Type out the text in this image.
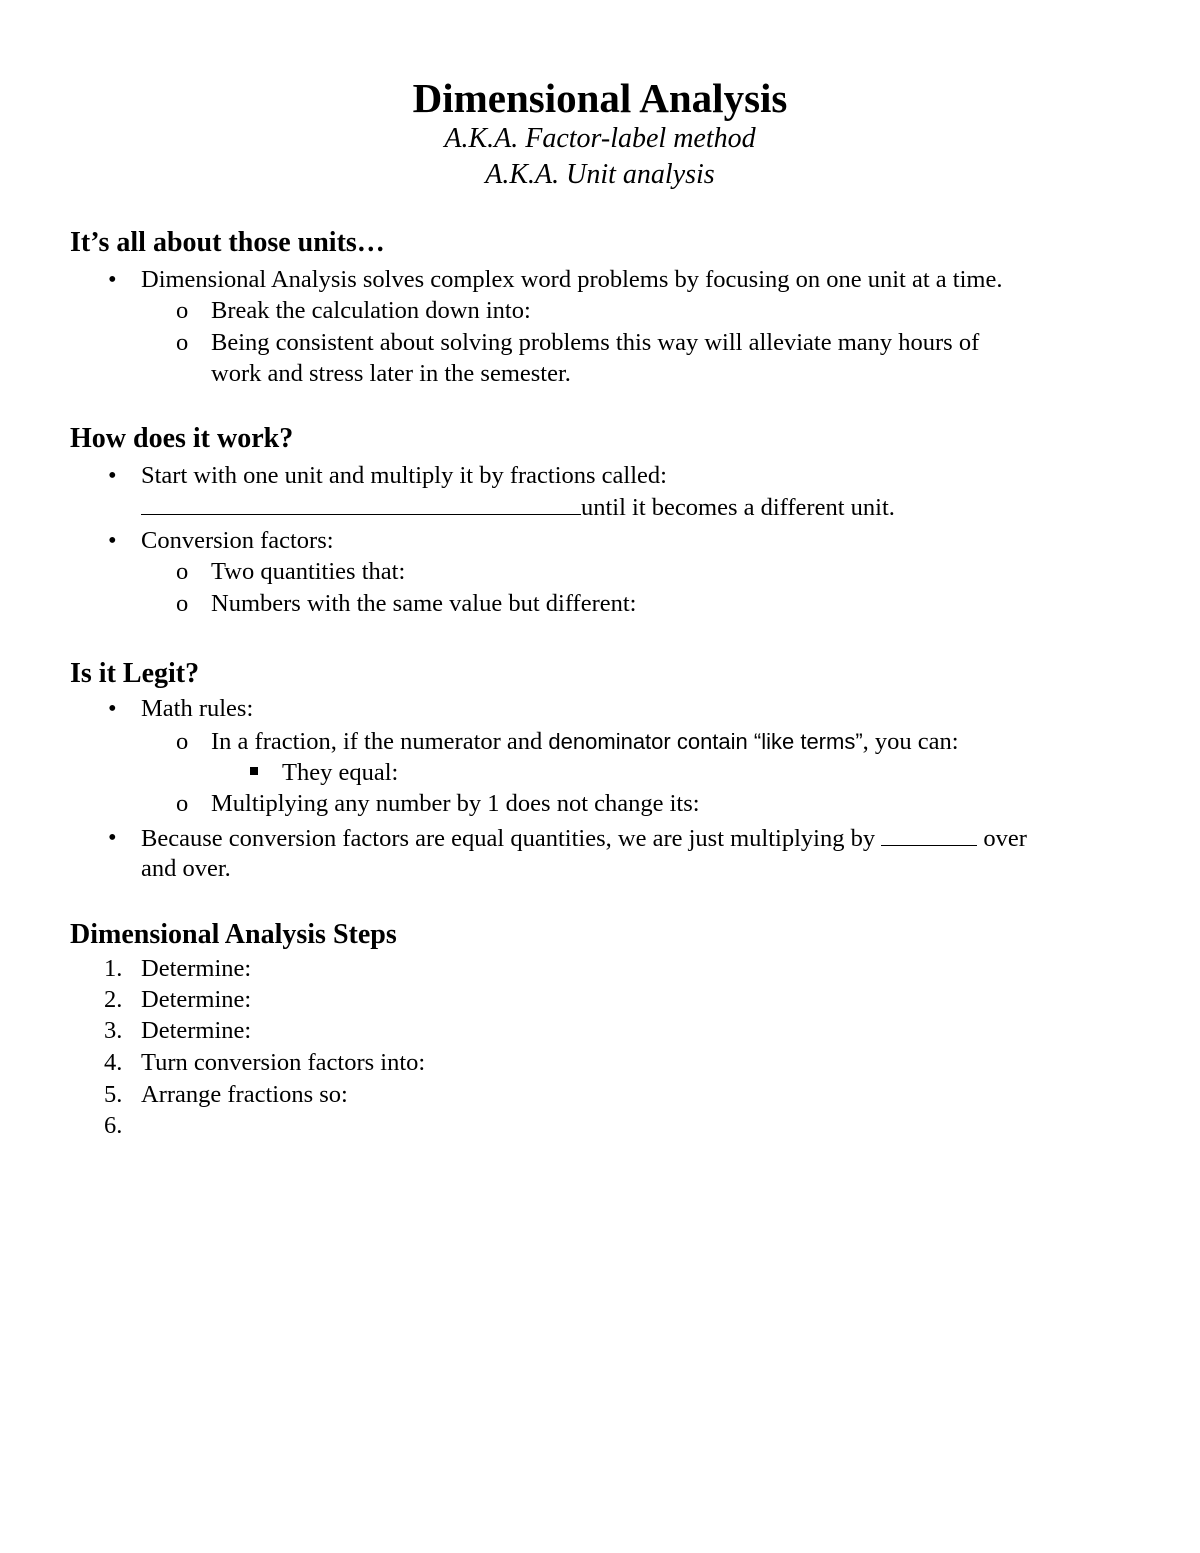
Dimensional Analysis
A.K.A. Factor-label method
A.K.A. Unit analysis
It’s all about those units…
• Dimensional Analysis solves complex word problems by focusing on one unit at a time.
o Break the calculation down into:
o Being consistent about solving problems this way will alleviate many hours of
work and stress later in the semester.
How does it work?
• Start with one unit and multiply it by fractions called:
until it becomes a different unit.
• Conversion factors:
o Two quantities that:
o Numbers with the same value but different:
Is it Legit?
• Math rules:
o In a fraction, if the numerator and denominator contain “like terms”, you can:
They equal:
o Multiplying any number by 1 does not change its:
• Because conversion factors are equal quantities, we are just multiplying by	over
and over.
Dimensional Analysis Steps
1. Determine:
2. Determine:
3. Determine:
4. Turn conversion factors into:
5. Arrange fractions so:
6.
